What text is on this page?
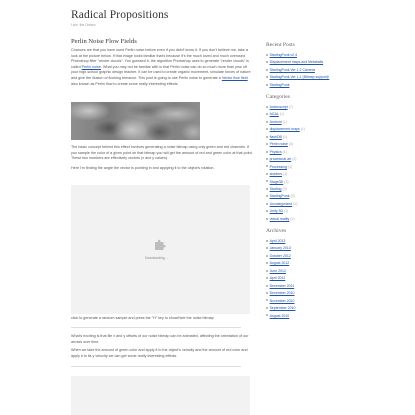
Radical Propositions
Livin' the Dream
Perlin Noise Flow Fields

Chances are that you have used Perlin noise before even if you didn't know it. If you don't believe me, take a look at the picture below. If that image looks familiar that's because it's the much loved and much overused Photoshop filter "render clouds". You guessed it, the algorithm Photoshop uses to generate "render clouds" is called Perlin noise. What you may not be familiar with is that Perlin noise can do so much more than piss off your high-school graphic design teacher. It can be used to create organic movement, simulate forces of nature and give the illusion of flocking behavior. This post is going to use Perlin noise to generate a Vector flow field also known as Perlin flow to create some really interesting effects.

The basic concept behind this effect involves generating a noise bitmap using only green and red channels. If you sample the color of a given point on that bitmap you will get the amount of red and green color at that point. These two numbers are effectively vectors (x and y values).

Here I'm finding the angle the vector is pointing in and applying it to the object's rotation.

Downloading . . .

click to generate a random sample and press the "H" key to show/hide the noise bitmap

What's exciting is that file x and y offsets of our noise bitmap can be animated, affecting the orientation of our arrows over time.

When we take the amount of green color and apply it to the object's velocity and the amount of red color and apply it to its y velocity we can get some really interesting effects.

Recent Posts
StarlingPunk v2.4
Displacement maps and Metaballs
StarlingPunk Ver 1.2 Camera
StarlingPunk Ver 1.1 (Bitmap support)!
StarlingPunk
Categories
Actionscript (7)
AGAL (1)
Android (1)
displacement maps (1)
flashDB (1)
Perlin noise (3)
Physics (1)
procedural art (2)
Processing (1)
shaders (1)
Stage3D (3)
Starling (3)
StarlingPunk (3)
Uncategorized (1)
Unity 3D (1)
virtual reality (1)
Archives
April 2013
January 2013
October 2012
August 2012
June 2012
April 2012
December 2011
December 2010
November 2010
September 2010
August 2010
